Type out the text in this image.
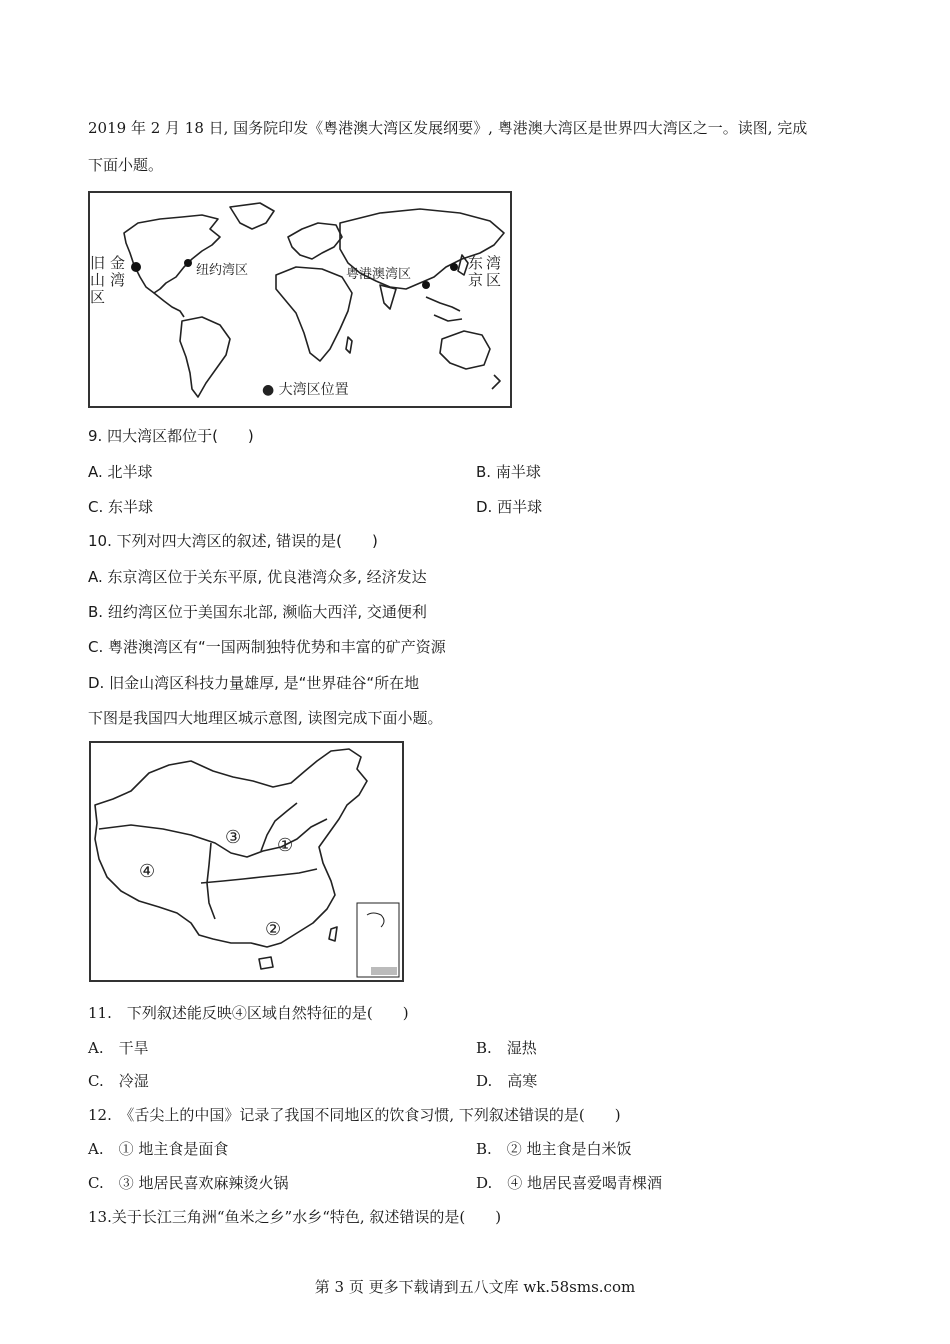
2019 年 2 月 18 日, 国务院印发《粤港澳大湾区发展纲要》, 粤港澳大湾区是世界四大湾区之一。读图, 完成
下面小题。
旧山区
金湾
纽约湾区	粤港澳湾区
东京
湾区
● 大湾区位置
9. 四大湾区都位于(　　)
A. 北半球	B. 南半球
C. 东半球	D. 西半球
10. 下列对四大湾区的叙述, 错误的是(　　)
A. 东京湾区位于关东平原, 优良港湾众多, 经济发达
B. 纽约湾区位于美国东北部, 濒临大西洋, 交通便利
C. 粤港澳湾区有“一国两制独特优势和丰富的矿产资源
D. 旧金山湾区科技力量雄厚, 是“世界硅谷“所在地
下图是我国四大地理区城示意图, 读图完成下面小题。
①
②
③
④
11.　下列叙述能反映④区域自然特征的是(　　)
A.　干旱	B.　湿热
C.　冷湿	D.　高寒
12.　《舌尖上的中国》记录了我国不同地区的饮食习惯, 下列叙述错误的是(　　)
A.　① 地主食是面食	B.　② 地主食是白米饭
C.　③ 地居民喜欢麻辣烫火锅	D.　④ 地居民喜爱喝青棵酒
13.关于长江三角洲“鱼米之乡”水乡“特色, 叙述错误的是(　　)
第 3 页 更多下载请到五八文库 wk.58sms.com
